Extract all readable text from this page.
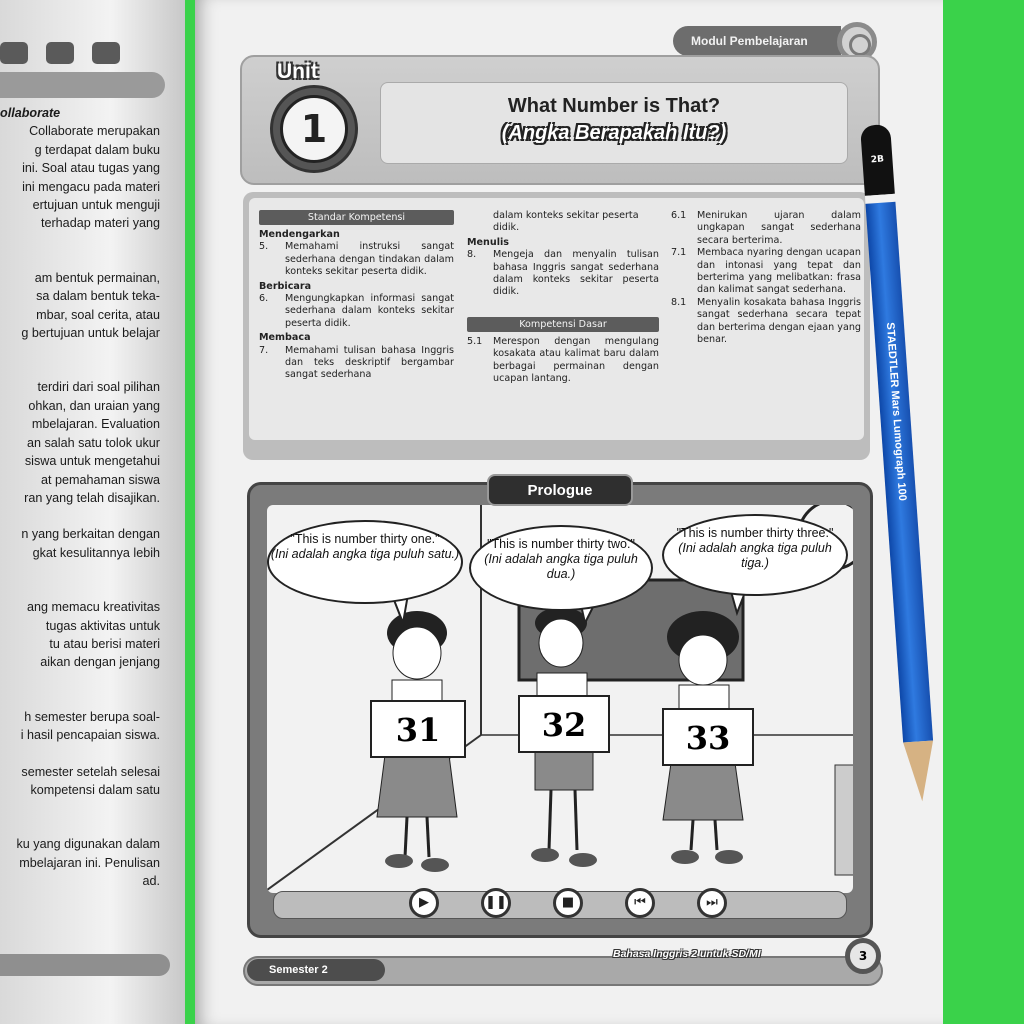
ollaborate

Collaborate merupakan

g terdapat dalam buku

ini. Soal atau tugas yang

ini mengacu pada materi

ertujuan untuk menguji

terhadap materi yang

am bentuk permainan,

sa dalam bentuk teka-

mbar, soal cerita, atau

g bertujuan untuk belajar

terdiri dari soal pilihan

ohkan, dan uraian yang

mbelajaran. Evaluation

an salah satu tolok ukur

siswa untuk mengetahui

at pemahaman siswa

ran yang telah disajikan.

n yang berkaitan dengan

gkat kesulitannya lebih

ang memacu kreativitas

tugas aktivitas untuk

tu atau berisi materi

aikan dengan jenjang

h semester berupa soal-

i hasil pencapaian siswa.

semester setelah selesai

kompetensi dalam satu

ku yang digunakan dalam

mbelajaran ini. Penulisan

ad.

Modul Pembelajaran
1
Unit
What Number is That?
(Angka Berapakah Itu?)
Standar Kompetensi
Mendengarkan
5.	Memahami instruksi sangat sederhana dengan tindakan dalam konteks sekitar peserta didik.
Berbicara
6.	Mengungkapkan informasi sangat sederhana dalam konteks sekitar peserta didik.
Membaca
7.	Memahami tulisan bahasa Inggris dan teks deskriptif bergambar sangat sederhana
dalam konteks sekitar peserta didik.
Menulis
8.	Mengeja dan menyalin tulisan bahasa Inggris sangat sederhana dalam konteks sekitar peserta didik.
Kompetensi Dasar
5.1	Merespon dengan mengulang kosakata atau kalimat baru dalam berbagai permainan dengan ucapan lantang.
6.1	Menirukan ujaran dalam ungkapan sangat sederhana secara berterima.
7.1	Membaca nyaring dengan ucapan dan intonasi yang tepat dan berterima yang melibatkan: frasa dan kalimat sangat sederhana.
8.1	Menyalin kosakata bahasa Inggris sangat sederhana secara tepat dan berterima dengan ejaan yang benar.
"This is number thirty one."
(Ini adalah angka tiga puluh satu.)
"This is number thirty two."
(Ini adalah angka tiga puluh dua.)
"This is number thirty three."
(Ini adalah angka tiga puluh tiga.)
31	32	33
Prologue
▶	❚❚	■	⏮	⏭
Semester 2
Bahasa Inggris 2 untuk SD/MI	3
2B
STAEDTLER Mars Lumograph 100
